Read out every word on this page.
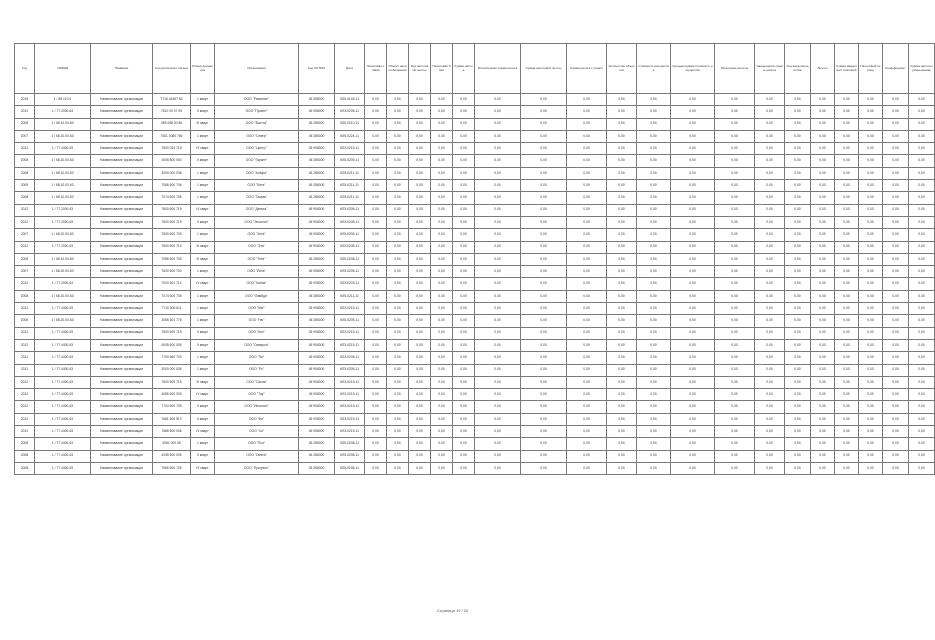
Год	ОКВЭД	Название	Код налогового органа	Номер документа	Организация	Код ОКТМО	Дата	Налоговая ставка	Объект налогообложения	Код налоговой льготы	Налоговая база	Сумма налога	Исчисленная сумма налога	Сумма налоговой льготы	Сумма налога к уплате	Количество объектов	Стоимость имущества	Среднегодовая стоимость имущества	Налоговые вычеты	Уменьшение суммы налога	Код вида имущества	Льготы	Сумма авансовых платежей	Налоговый период	Коэффициент	Сумма налога к уменьшению
2018	1 / 68.10.01	Наименование организации	7716 44467 63	1 кварт	ООО "Развитие"	45 358000	КЛ5-0145-11	0,00	0,00	0,00	0,00	0,00	0,00	0,00	0,00	0,00	0,00	0,00	0,00	0,00	0,00	0,00	0,00	0,00	0,00	0,00
2012	1 / 77.2000-63	Наименование организации	7610 20 07 09	II кварт	ООО "Проект"	45 908000	КЛ3-0205-11	0,00	0,00	0,00	0,00	0,00	0,00	0,00	0,00	0,00	0,00	0,00	0,00	0,00	0,00	0,00	0,00	0,00	0,00	0,00
2008	1 / 68.10.00-63	Наименование организации	085 088 00 86	III кварт	ООО "Восток"	45 286000	КЛ5-0210-11	0,00	0,00	0,00	0,00	0,00	0,00	0,00	0,00	0,00	0,00	0,00	0,00	0,00	0,00	0,00	0,00	0,00	0,00	0,00
2007	1 / 68.10.00-63	Наименование организации	7061 0080 766	1 кварт	ООО "Север"	45 286000	КЛ5-0224-11	0,00	0,00	0,00	0,00	0,00	0,00	0,00	0,00	0,00	0,00	0,00	0,00	0,00	0,00	0,00	0,00	0,00	0,00	0,00
2012	1 / 77.4400-63	Наименование организации	7600 033 718	IV кварт	ООО "Центр"	45 908000	КЛ3-0219-11	0,00	0,00	0,00	0,00	0,00	0,00	0,00	0,00	0,00	0,00	0,00	0,00	0,00	0,00	0,00	0,00	0,00	0,00	0,00
2008	1 / 68.10.00-63	Наименование организации	4006 800 000	II кварт	ООО "Гарант"	45 286000	КЛ5-0209-11	0,00	0,00	0,00	0,00	0,00	0,00	0,00	0,00	0,00	0,00	0,00	0,00	0,00	0,00	0,00	0,00	0,00	0,00	0,00
2008	1 / 68.10.00-63	Наименование организации	3000 000 036	1 кварт	ООО "Альфа"	45 286000	КЛ5-0211-11	0,00	0,00	0,00	0,00	0,00	0,00	0,00	0,00	0,00	0,00	0,00	0,00	0,00	0,00	0,00	0,00	0,00	0,00	0,00
2009	1 / 68.10.00-63	Наименование организации	7086 600 706	1 кварт	ООО "Бета"	45 286000	КЛ5-0211-11	0,00	0,00	0,00	0,00	0,00	0,00	0,00	0,00	0,00	0,00	0,00	0,00	0,00	0,00	0,00	0,00	0,00	0,00	0,00
2008	1 / 68.10.00-63	Наименование организации	7074 600 706	1 кварт	ООО "Гамма"	45 286000	КЛ5-0211-11	0,00	0,00	0,00	0,00	0,00	0,00	0,00	0,00	0,00	0,00	0,00	0,00	0,00	0,00	0,00	0,00	0,00	0,00	0,00
2012	1 / 77.2000-63	Наименование организации	7600 600 719	IV кварт	ООО "Дельта"	45 908000	КЛ3-0208-11	0,00	0,00	0,00	0,00	0,00	0,00	0,00	0,00	0,00	0,00	0,00	0,00	0,00	0,00	0,00	0,00	0,00	0,00	0,00
2012	1 / 77.2000-63	Наименование организации	7600 600 719	II кварт	ООО "Эпсилон"	45 908000	КЛ3-0208-11	0,00	0,00	0,00	0,00	0,00	0,00	0,00	0,00	0,00	0,00	0,00	0,00	0,00	0,00	0,00	0,00	0,00	0,00	0,00
2007	1 / 68.20.00-63	Наименование организации	7600 600 700	1 кварт	ООО "Зета"	45 908000	КЛ5-0205-11	0,00	0,00	0,00	0,00	0,00	0,00	0,00	0,00	0,00	0,00	0,00	0,00	0,00	0,00	0,00	0,00	0,00	0,00	0,00
2012	1 / 77.2000-63	Наименование организации	7600 600 713	III кварт	ООО "Эта"	45 908000	КЛ3-0208-11	0,00	0,00	0,00	0,00	0,00	0,00	0,00	0,00	0,00	0,00	0,00	0,00	0,00	0,00	0,00	0,00	0,00	0,00	0,00
2008	1 / 68.10.00-63	Наименование организации	7086 600 705	III кварт	ООО "Тета"	45 286000	КЛ5-0208-11	0,00	0,00	0,00	0,00	0,00	0,00	0,00	0,00	0,00	0,00	0,00	0,00	0,00	0,00	0,00	0,00	0,00	0,00	0,00
2007	1 / 68.20.00-63	Наименование организации	7600 600 700	1 кварт	ООО "Йота"	45 908000	КЛ5-0205-11	0,00	0,00	0,00	0,00	0,00	0,00	0,00	0,00	0,00	0,00	0,00	0,00	0,00	0,00	0,00	0,00	0,00	0,00	0,00
2012	1 / 77.2000-63	Наименование организации	7000 601 714	IV кварт	ООО "Каппа"	45 908000	КЛ3-0203-11	0,00	0,00	0,00	0,00	0,00	0,00	0,00	0,00	0,00	0,00	0,00	0,00	0,00	0,00	0,00	0,00	0,00	0,00	0,00
2008	1 / 68.10.00-63	Наименование организации	7074 600 706	1 кварт	ООО "Лямбда"	45 286000	КЛ5-0211-11	0,00	0,00	0,00	0,00	0,00	0,00	0,00	0,00	0,00	0,00	0,00	0,00	0,00	0,00	0,00	0,00	0,00	0,00	0,00
2012	1 / 77.4400-63	Наименование организации	7710 506 611	1 кварт	ООО "Мю"	45 908000	КЛ3-0219-11	0,00	0,00	0,00	0,00	0,00	0,00	0,00	0,00	0,00	0,00	0,00	0,00	0,00	0,00	0,00	0,00	0,00	0,00	0,00
2006	1 / 68.20.00-63	Наименование организации	3066 601 776	1 кварт	ООО "Ню"	45 286000	КЛ5-0205-11	0,00	0,00	0,00	0,00	0,00	0,00	0,00	0,00	0,00	0,00	0,00	0,00	0,00	0,00	0,00	0,00	0,00	0,00	0,00
2012	1 / 77.4400-63	Наименование организации	7600 609 715	II кварт	ООО "Кси"	45 908000	КЛ3-0219-11	0,00	0,00	0,00	0,00	0,00	0,00	0,00	0,00	0,00	0,00	0,00	0,00	0,00	0,00	0,00	0,00	0,00	0,00	0,00
2012	1 / 77.4400-63	Наименование организации	4005 600 005	II кварт	ООО "Омикрон"	45 908000	КЛ3-0219-11	0,00	0,00	0,00	0,00	0,00	0,00	0,00	0,00	0,00	0,00	0,00	0,00	0,00	0,00	0,00	0,00	0,00	0,00	0,00
2011	1 / 77.4400-63	Наименование организации	7700 660 703	1 кварт	ООО "Пи"	45 908000	КЛ3-0205-11	0,00	0,00	0,00	0,00	0,00	0,00	0,00	0,00	0,00	0,00	0,00	0,00	0,00	0,00	0,00	0,00	0,00	0,00	0,00
2011	1 / 77.4400-63	Наименование организации	3000 000 035	1 кварт	ООО "Ро"	45 908000	КЛ3-0205-11	0,00	0,00	0,00	0,00	0,00	0,00	0,00	0,00	0,00	0,00	0,00	0,00	0,00	0,00	0,00	0,00	0,00	0,00	0,00
2012	1 / 77.4400-63	Наименование организации	7600 609 715	III кварт	ООО "Сигма"	45 908000	КЛ3-0219-11	0,00	0,00	0,00	0,00	0,00	0,00	0,00	0,00	0,00	0,00	0,00	0,00	0,00	0,00	0,00	0,00	0,00	0,00	0,00
2012	1 / 77.4400-63	Наименование организации	4086 600 009	IV кварт	ООО "Тау"	45 908000	КЛ3-0219-11	0,00	0,00	0,00	0,00	0,00	0,00	0,00	0,00	0,00	0,00	0,00	0,00	0,00	0,00	0,00	0,00	0,00	0,00	0,00
2012	1 / 77.4400-63	Наименование организации	7704 600 705	II кварт	ООО "Ипсилон"	45 908000	КЛ3-0219-11	0,00	0,00	0,00	0,00	0,00	0,00	0,00	0,00	0,00	0,00	0,00	0,00	0,00	0,00	0,00	0,00	0,00	0,00	0,00
2012	1 / 77.4400-63	Наименование организации	7681 600 910	II кварт	ООО "Фи"	45 908000	КЛ3-0219-11	0,00	0,00	0,00	0,00	0,00	0,00	0,00	0,00	0,00	0,00	0,00	0,00	0,00	0,00	0,00	0,00	0,00	0,00	0,00
2012	1 / 77.4400-63	Наименование организации	7686 600 006	IV кварт	ООО "Хи"	45 908000	КЛ3-0219-11	0,00	0,00	0,00	0,00	0,00	0,00	0,00	0,00	0,00	0,00	0,00	0,00	0,00	0,00	0,00	0,00	0,00	0,00	0,00
2008	1 / 77.4400-63	Наименование организации	4081 000 08	1 кварт	ООО "Пси"	45 286000	КЛ5-0208-11	0,00	0,00	0,00	0,00	0,00	0,00	0,00	0,00	0,00	0,00	0,00	0,00	0,00	0,00	0,00	0,00	0,00	0,00	0,00
2008	1 / 77.4400-63	Наименование организации	4035 600 005	II кварт	ООО "Омега"	45 286000	КЛ5-0208-11	0,00	0,00	0,00	0,00	0,00	0,00	0,00	0,00	0,00	0,00	0,00	0,00	0,00	0,00	0,00	0,00	0,00	0,00	0,00
2008	1 / 77.4400-63	Наименование организации	7066 600 705	IV кварт	ООО "Прогресс"	45 286000	КЛ5-0208-11	0,00	0,00	0,00	0,00	0,00	0,00	0,00	0,00	0,00	0,00	0,00	0,00	0,00	0,00	0,00	0,00	0,00	0,00	0,00
Страница 19 / 20
